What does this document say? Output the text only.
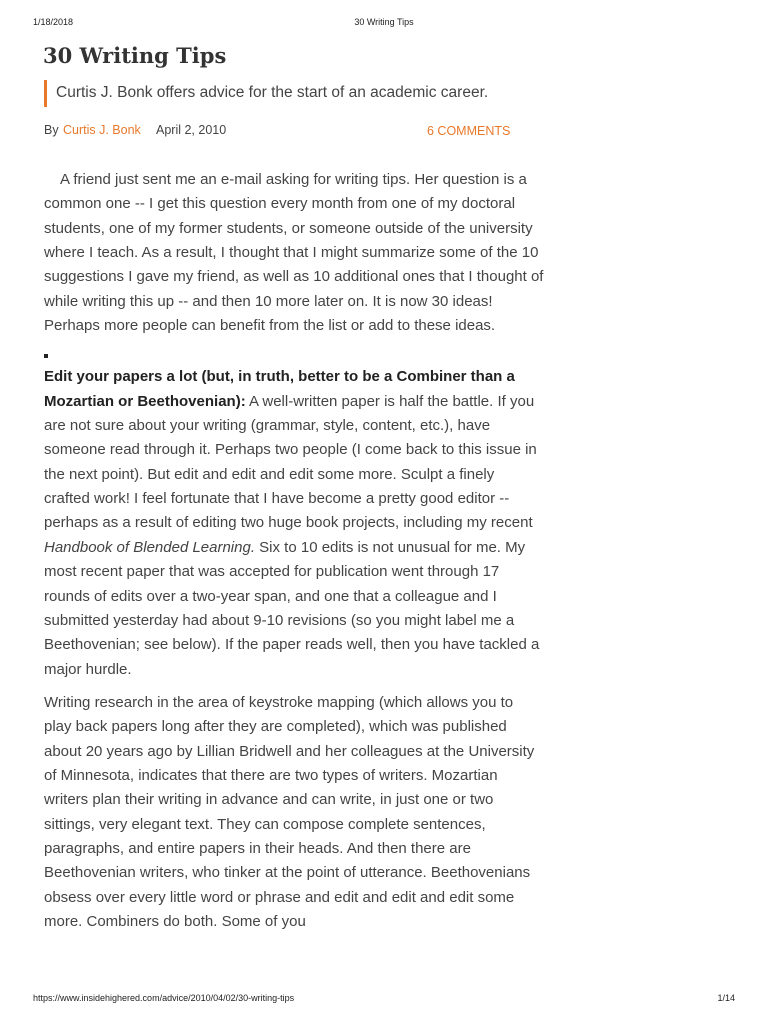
1/18/2018	30 Writing Tips
30 Writing Tips
Curtis J. Bonk offers advice for the start of an academic career.
By Curtis J. Bonk April 2, 2010	6 COMMENTS

A friend just sent me an e-mail asking for writing tips. Her question is a common one -- I get this question every month from one of my doctoral students, one of my former students, or someone outside of the university where I teach. As a result, I thought that I might summarize some of the 10 suggestions I gave my friend, as well as 10 additional ones that I thought of while writing this up -- and then 10 more later on. It is now 30 ideas! Perhaps more people can benefit from the list or add to these ideas.

Edit your papers a lot (but, in truth, better to be a Combiner than a Mozartian or Beethovenian): A well-written paper is half the battle. If you are not sure about your writing (grammar, style, content, etc.), have someone read through it. Perhaps two people (I come back to this issue in the next point). But edit and edit and edit some more. Sculpt a finely crafted work! I feel fortunate that I have become a pretty good editor -- perhaps as a result of editing two huge book projects, including my recent Handbook of Blended Learning. Six to 10 edits is not unusual for me. My most recent paper that was accepted for publication went through 17 rounds of edits over a two-year span, and one that a colleague and I submitted yesterday had about 9-10 revisions (so you might label me a Beethovenian; see below). If the paper reads well, then you have tackled a major hurdle.

Writing research in the area of keystroke mapping (which allows you to play back papers long after they are completed), which was published about 20 years ago by Lillian Bridwell and her colleagues at the University of Minnesota, indicates that there are two types of writers. Mozartian writers plan their writing in advance and can write, in just one or two sittings, very elegant text. They can compose complete sentences, paragraphs, and entire papers in their heads. And then there are Beethovenian writers, who tinker at the point of utterance. Beethovenians obsess over every little word or phrase and edit and edit and edit some more. Combiners do both. Some of you

https://www.insidehighered.com/advice/2010/04/02/30-writing-tips	1/14
